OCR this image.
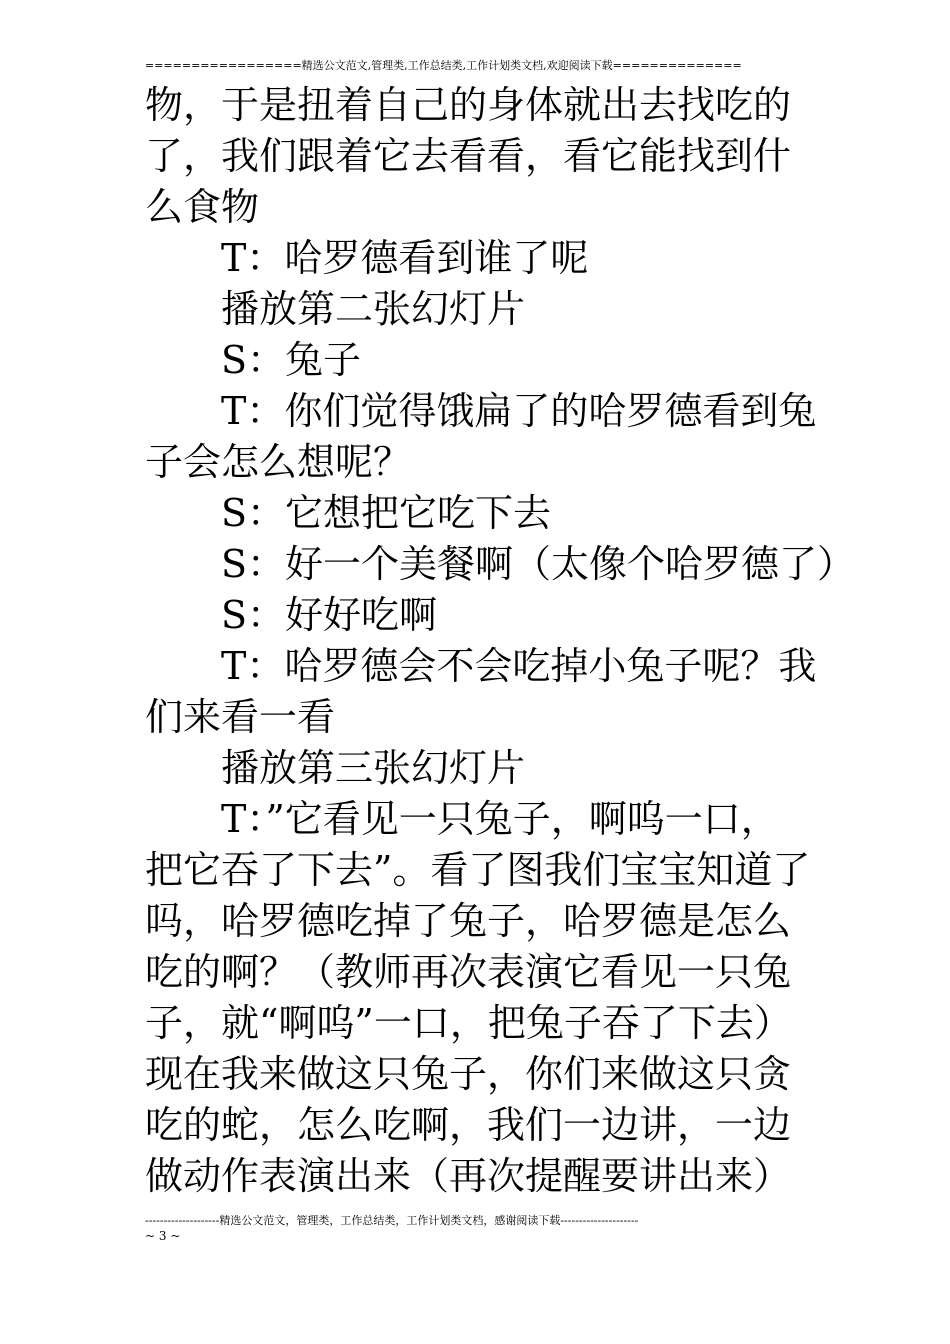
=================精选公文范文,管理类,工作总结类,工作计划类文档,欢迎阅读下载==============

物，于是扭着自己的身体就出去找吃的

了，我们跟着它去看看，看它能找到什

么食物

T：哈罗德看到谁了呢

播放第二张幻灯片

S：兔子

T：你们觉得饿扁了的哈罗德看到兔

子会怎么想呢？

S：它想把它吃下去

S：好一个美餐啊（太像个哈罗德了）

S：好好吃啊

T：哈罗德会不会吃掉小兔子呢？我

们来看一看

播放第三张幻灯片

T：”它看见一只兔子，啊呜一口，

把它吞了下去”。看了图我们宝宝知道了

吗，哈罗德吃掉了兔子，哈罗德是怎么

吃的啊？（教师再次表演它看见一只兔

子，就“啊呜”一口，把兔子吞了下去）

现在我来做这只兔子，你们来做这只贪

吃的蛇，怎么吃啊，我们一边讲，一边

做动作表演出来（再次提醒要讲出来）

--------------------精选公文范文，管理类，工作总结类，工作计划类文档，感谢阅读下载---------------------
~ 3 ~
